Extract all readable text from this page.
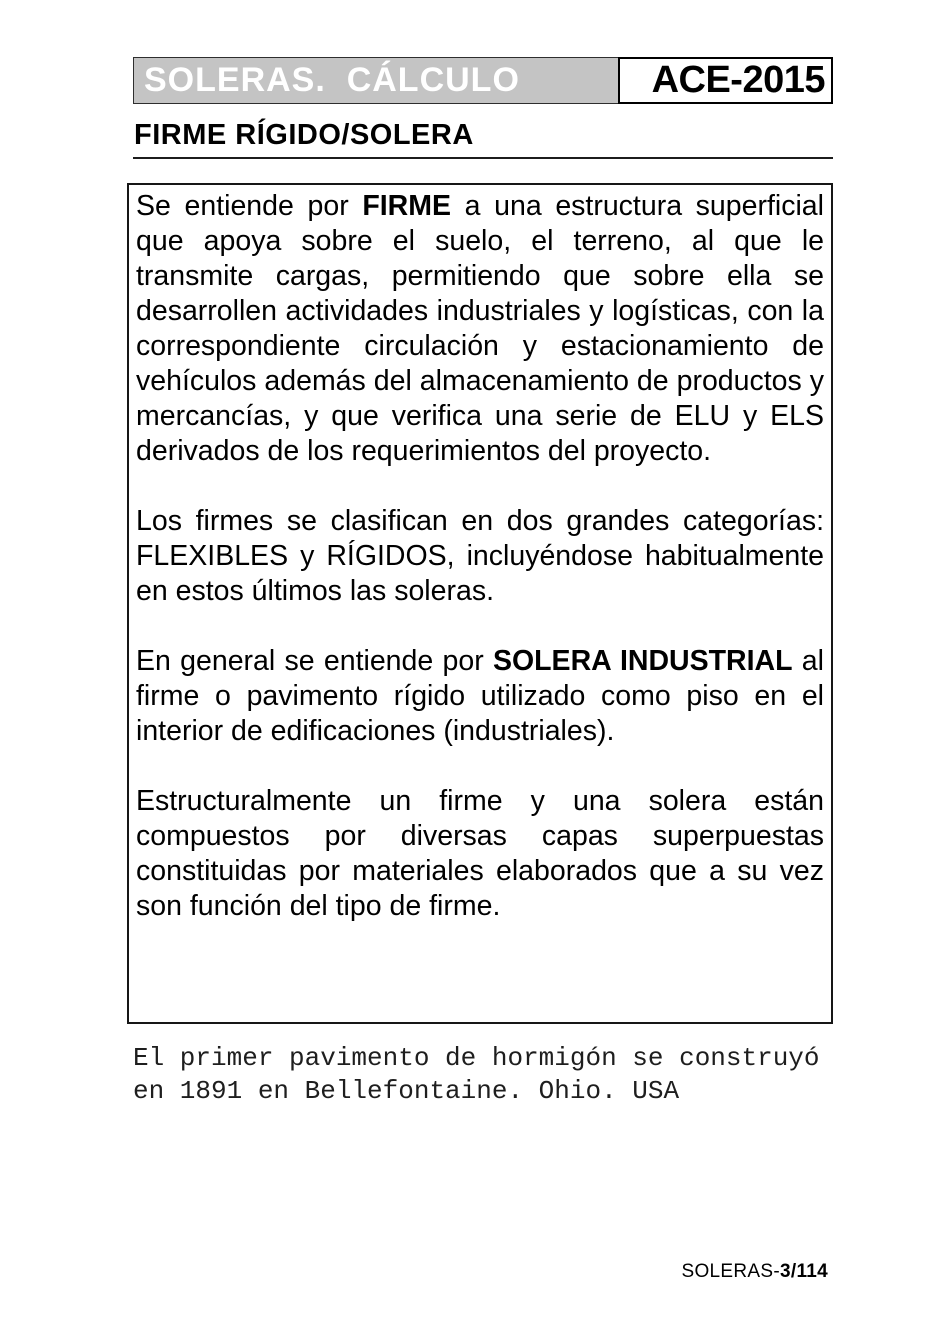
SOLERAS.  CÁLCULO	ACE-2015
FIRME RÍGIDO/SOLERA

Se entiende por FIRME a una estructura superficial que apoya sobre el suelo, el terreno, al que le transmite cargas, permitiendo que sobre ella se desarrollen actividades industriales y logísticas, con la correspondiente circulación y estacionamiento de vehículos además del almacenamiento de productos y mercancías, y que verifica una serie de ELU y ELS derivados de los requerimientos del proyecto.

Los firmes se clasifican en dos grandes categorías: FLEXIBLES y RÍGIDOS, incluyéndose habitualmente en estos últimos las soleras.

En general se entiende por SOLERA INDUSTRIAL al firme o pavimento rígido utilizado como piso en el interior de edificaciones (industriales).

Estructuralmente un firme y una solera están compuestos por diversas capas superpuestas constituidas por materiales elaborados que a su vez son función del tipo de firme.

El primer pavimento de hormigón se construyó en 1891 en Bellefontaine. Ohio. USA
SOLERAS-3/114
